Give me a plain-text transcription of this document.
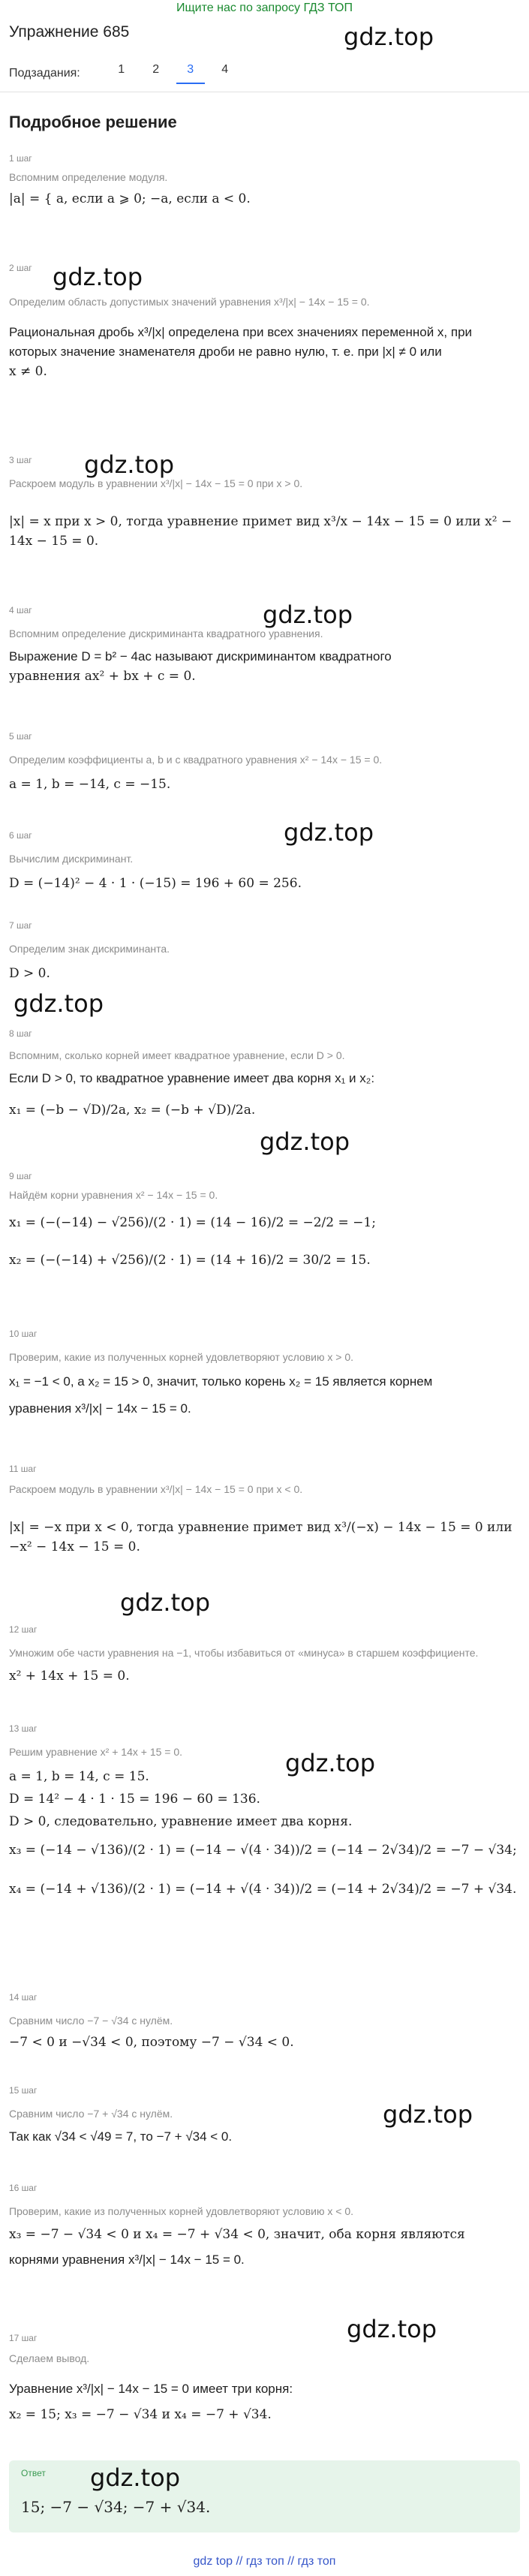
Ищите нас по запросу ГДЗ ТОП
Упражнение 685	gdz.top
Подзадания:	1	2	3	4
Подробное решение
1 шаг
Вспомним определение модуля.
|a| = { a, если a ⩾ 0; −a, если a < 0.
gdz.top
2 шаг
Определим область допустимых значений уравнения x³/|x| − 14x − 15 = 0.
Рациональная дробь x³/|x| определена при всех значениях переменной x, при
которых значение знаменателя дроби не равно нулю, т. е. при |x| ≠ 0 или
x ≠ 0.
gdz.top
3 шаг
Раскроем модуль в уравнении x³/|x| − 14x − 15 = 0 при x > 0.
|x| = x при x > 0, тогда уравнение примет вид x³/x − 14x − 15 = 0 или x² −
14x − 15 = 0.
gdz.top
4 шаг
Вспомним определение дискриминанта квадратного уравнения.
Выражение D = b² − 4ac называют дискриминантом квадратного
уравнения ax² + bx + c = 0.
5 шаг
Определим коэффициенты a, b и c квадратного уравнения x² − 14x − 15 = 0.
a = 1, b = −14, c = −15.
gdz.top
6 шаг
Вычислим дискриминант.
D = (−14)² − 4 · 1 · (−15) = 196 + 60 = 256.
7 шаг
Определим знак дискриминанта.
D > 0.
gdz.top
8 шаг
Вспомним, сколько корней имеет квадратное уравнение, если D > 0.
Если D > 0, то квадратное уравнение имеет два корня x₁ и x₂:
x₁ = (−b − √D)/2a, x₂ = (−b + √D)/2a.
gdz.top
9 шаг
Найдём корни уравнения x² − 14x − 15 = 0.
x₁ = (−(−14) − √256)/(2 · 1) = (14 − 16)/2 = −2/2 = −1;
x₂ = (−(−14) + √256)/(2 · 1) = (14 + 16)/2 = 30/2 = 15.
10 шаг
Проверим, какие из полученных корней удовлетворяют условию x > 0.
x₁ = −1 < 0, а x₂ = 15 > 0, значит, только корень x₂ = 15 является корнем
уравнения x³/|x| − 14x − 15 = 0.
11 шаг
Раскроем модуль в уравнении x³/|x| − 14x − 15 = 0 при x < 0.
|x| = −x при x < 0, тогда уравнение примет вид x³/(−x) − 14x − 15 = 0 или
−x² − 14x − 15 = 0.
gdz.top
12 шаг
Умножим обе части уравнения на −1, чтобы избавиться от «минуса» в старшем коэффициенте.
x² + 14x + 15 = 0.
gdz.top
13 шаг
Решим уравнение x² + 14x + 15 = 0.
a = 1, b = 14, c = 15.
D = 14² − 4 · 1 · 15 = 196 − 60 = 136.
D > 0, следовательно, уравнение имеет два корня.
x₃ = (−14 − √136)/(2 · 1) = (−14 − √(4 · 34))/2 = (−14 − 2√34)/2 = −7 − √34;
x₄ = (−14 + √136)/(2 · 1) = (−14 + √(4 · 34))/2 = (−14 + 2√34)/2 = −7 + √34.
14 шаг
Сравним число −7 − √34 с нулём.
−7 < 0 и −√34 < 0, поэтому −7 − √34 < 0.
gdz.top
15 шаг
Сравним число −7 + √34 с нулём.
Так как √34 < √49 = 7, то −7 + √34 < 0.
16 шаг
Проверим, какие из полученных корней удовлетворяют условию x < 0.
x₃ = −7 − √34 < 0 и x₄ = −7 + √34 < 0, значит, оба корня являются
корнями уравнения x³/|x| − 14x − 15 = 0.
gdz.top
17 шаг
Сделаем вывод.
Уравнение x³/|x| − 14x − 15 = 0 имеет три корня:
x₂ = 15; x₃ = −7 − √34 и x₄ = −7 + √34.
Ответ
15; −7 − √34; −7 + √34.
gdz.top
gdz top // гдз топ // гдз топ
